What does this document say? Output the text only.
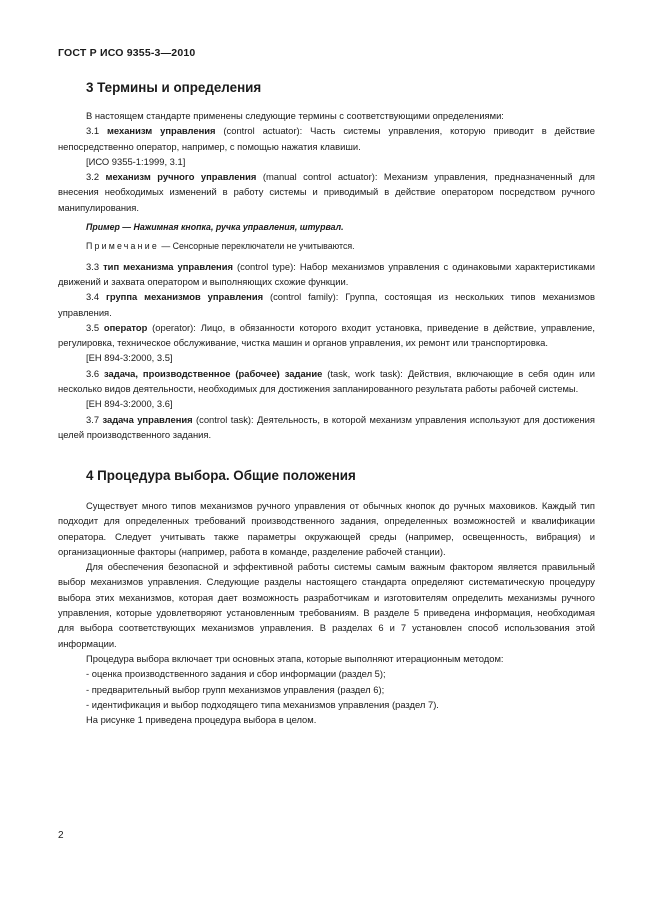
ГОСТ Р ИСО 9355-3—2010
3 Термины и определения
В настоящем стандарте применены следующие термины с соответствующими определениями:
3.1 механизм управления (control actuator): Часть системы управления, которую приводит в действие непосредственно оператор, например, с помощью нажатия клавиши.
[ИСО 9355-1:1999, 3.1]
3.2 механизм ручного управления (manual control actuator): Механизм управления, предназначенный для внесения необходимых изменений в работу системы и приводимый в действие оператором посредством ручного манипулирования.
Пример — Нажимная кнопка, ручка управления, штурвал.
Примечание — Сенсорные переключатели не учитываются.
3.3 тип механизма управления (control type): Набор механизмов управления с одинаковыми характеристиками движений и захвата оператором и выполняющих схожие функции.
3.4 группа механизмов управления (control family): Группа, состоящая из нескольких типов механизмов управления.
3.5 оператор (operator): Лицо, в обязанности которого входит установка, приведение в действие, управление, регулировка, техническое обслуживание, чистка машин и органов управления, их ремонт или транспортировка.
[ЕН 894-3:2000, 3.5]
3.6 задача, производственное (рабочее) задание (task, work task): Действия, включающие в себя один или несколько видов деятельности, необходимых для достижения запланированного результата работы рабочей системы.
[ЕН 894-3:2000, 3.6]
3.7 задача управления (control task): Деятельность, в которой механизм управления используют для достижения целей производственного задания.
4 Процедура выбора. Общие положения
Существует много типов механизмов ручного управления от обычных кнопок до ручных маховиков. Каждый тип подходит для определенных требований производственного задания, определенных возможностей и квалификации оператора. Следует учитывать также параметры окружающей среды (например, освещенность, вибрация) и организационные факторы (например, работа в команде, разделение рабочей станции).
Для обеспечения безопасной и эффективной работы системы самым важным фактором является правильный выбор механизмов управления. Следующие разделы настоящего стандарта определяют систематическую процедуру выбора этих механизмов, которая дает возможность разработчикам и изготовителям определить механизмы ручного управления, которые удовлетворяют установленным требованиям. В разделе 5 приведена информация, необходимая для выбора соответствующих механизмов управления. В разделах 6 и 7 установлен способ использования этой информации.
Процедура выбора включает три основных этапа, которые выполняют итерационным методом:
- оценка производственного задания и сбор информации (раздел 5);
- предварительный выбор групп механизмов управления (раздел 6);
- идентификация и выбор подходящего типа механизмов управления (раздел 7).
На рисунке 1 приведена процедура выбора в целом.
2
